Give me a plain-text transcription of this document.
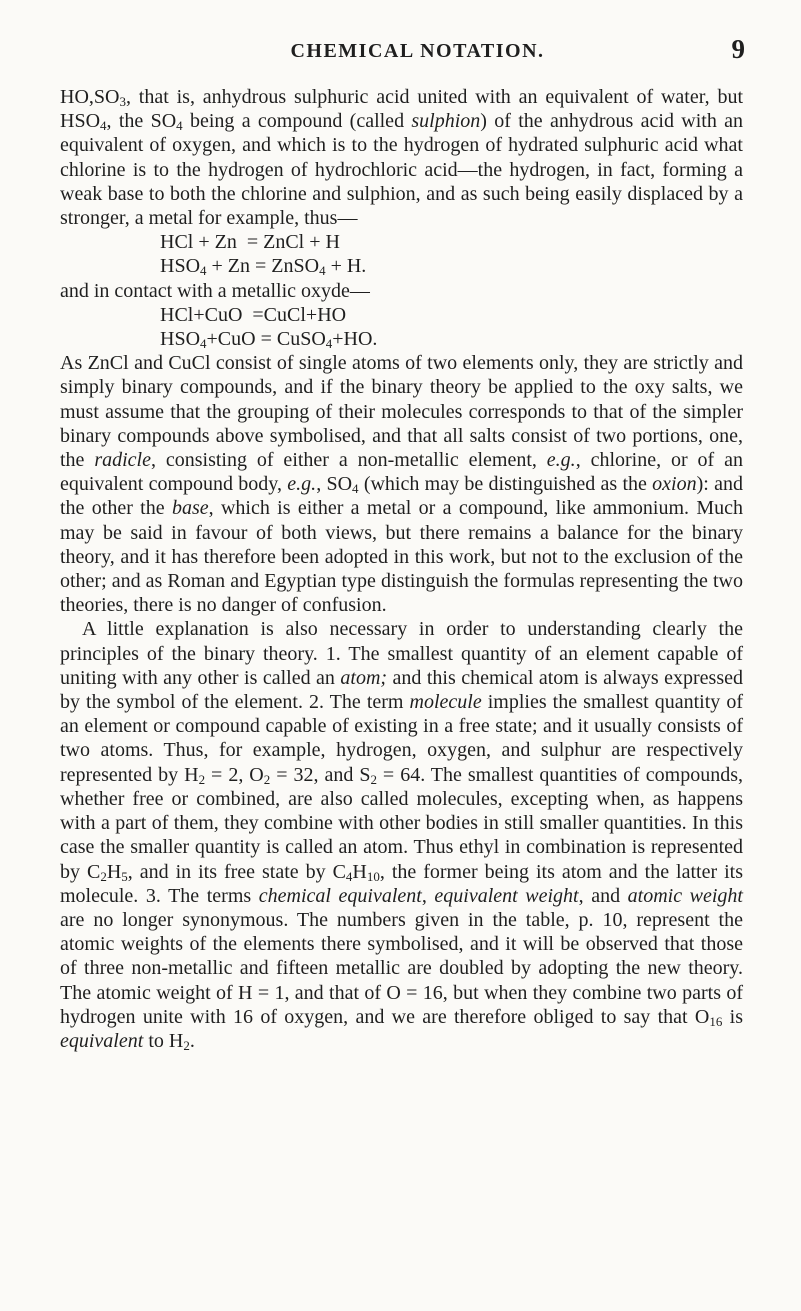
CHEMICAL NOTATION.	9

$HO,SO_3$, that is, anhydrous sulphuric acid united with an equivalent of water, but $HSO_4$, the $SO_4$ being a compound (called sulphion) of the anhydrous acid with an equivalent of oxygen, and which is to the hydrogen of hydrated sulphuric acid what chlorine is to the hydrogen of hydrochloric acid—the hydrogen, in fact, forming a weak base to both the chlorine and sulphion, and as such being easily displaced by a stronger, a metal for example, thus—

HCl + Zn  = ZnCl + H

$HSO_4 + Zn$ = ZnSO$_4$ + H.

and in contact with a metallic oxyde—

HCl+CuO  =CuCl+HO

$HSO_4+CuO$ = CuSO$_4$+HO.

As ZnCl and CuCl consist of single atoms of two elements only, they are strictly and simply binary compounds, and if the binary theory be applied to the oxy salts, we must assume that the grouping of their molecules corresponds to that of the simpler binary compounds above symbolised, and that all salts consist of two portions, one, the radicle, consisting of either a non-metallic element, e.g., chlorine, or of an equivalent compound body, e.g., $SO_4$ (which may be distinguished as the oxion): and the other the base, which is either a metal or a compound, like ammonium. Much may be said in favour of both views, but there remains a balance for the binary theory, and it has therefore been adopted in this work, but not to the exclusion of the other; and as Roman and Egyptian type distinguish the formulas representing the two theories, there is no danger of confusion.

A little explanation is also necessary in order to understanding clearly the principles of the binary theory. 1. The smallest quantity of an element capable of uniting with any other is called an atom; and this chemical atom is always expressed by the symbol of the element. 2. The term molecule implies the smallest quantity of an element or compound capable of existing in a free state; and it usually consists of two atoms. Thus, for example, hydrogen, oxygen, and sulphur are respectively represented by $H_2 = 2$, $O_2 = 32$, and $S_2 = 64$. The smallest quantities of compounds, whether free or combined, are also called molecules, excepting when, as happens with a part of them, they combine with other bodies in still smaller quantities. In this case the smaller quantity is called an atom. Thus ethyl in combination is represented by $C_2H_5$, and in its free state by $C_4H_{10}$, the former being its atom and the latter its molecule. 3. The terms chemical equivalent, equivalent weight, and atomic weight are no longer synonymous. The numbers given in the table, p. 10, represent the atomic weights of the elements there symbolised, and it will be observed that those of three non-metallic and fifteen metallic are doubled by adopting the new theory. The atomic weight of H = 1, and that of O = 16, but when they combine two parts of hydrogen unite with 16 of oxygen, and we are therefore obliged to say that $O_{16}$ is equivalent to $H_2$.
